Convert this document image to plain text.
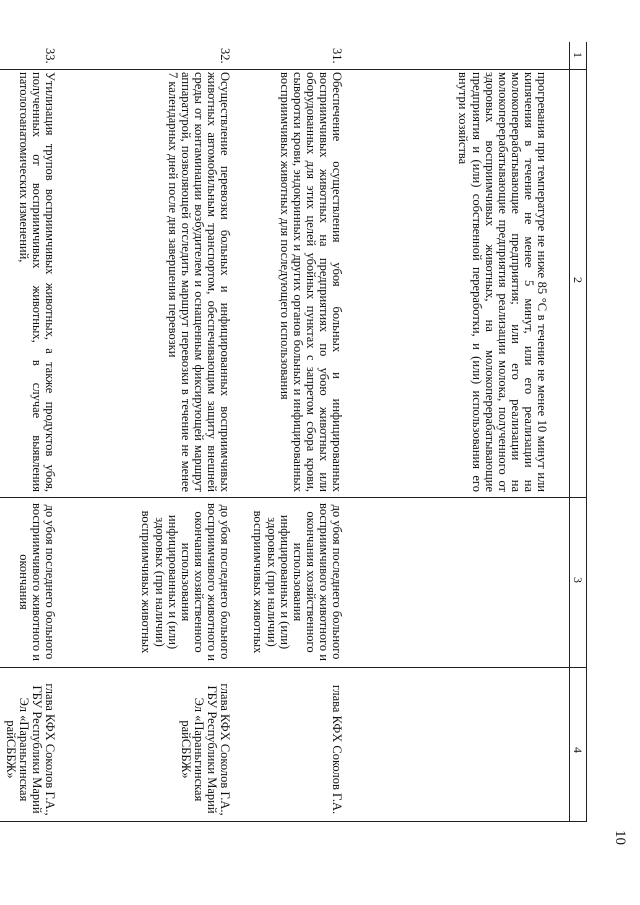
10
1
2
3
4
прогревания при температуре не ниже 85 °С в течение не менее 10 минут или кипячения в течение не менее 5 минут, или его реализации на молокоперерабатывающие предприятия; или его реализации на молокоперерабатывающие предприятия реализации молока, полученного от здоровых восприимчивых животных, на молокоперерабатывающие предприятия и (или) собственной переработки, и (или) использования его внутри хозяйства
31.
Обеспечение осуществления убоя больных и инфицированных восприимчивых животных на предприятиях по убою животных или оборудованных для этих целей убойных пунктах с запретом сбора крови, сыворотки крови, эндокринных и других органов больных и инфицированных восприимчивых животных для последующего использования
до убоя последнего больного восприимчивого животного и окончания хозяйственного использования инфицированных и (или) здоровых (при наличии) восприимчивых животных
глава КФХ Соколов Г.А.
32.
Осуществление перевозки больных и инфицированных восприимчивых животных автомобильным транспортом, обеспечивающим защиту внешней среды от контаминации возбудителем и оснащенным фиксирующей маршрут аппаратурой, позволяющей отследить маршрут перевозки в течение не менее 7 календарных дней после дня завершения перевозки
до убоя последнего больного восприимчивого животного и окончания хозяйственного использования инфицированных и (или) здоровых (при наличии) восприимчивых животных
глава КФХ Соколов Г.А., ГБУ Республики Марий Эл «Параньгинская райСББЖ»
33.
Утилизация трупов восприимчивых животных, а также продуктов убоя, полученных от восприимчивых животных, в случае выявления патологоанатомических изменений,
до убоя последнего больного восприимчивого животного и окончания
глава КФХ Соколов Г.А., ГБУ Республики Марий Эл «Параньгинская райСББЖ»
